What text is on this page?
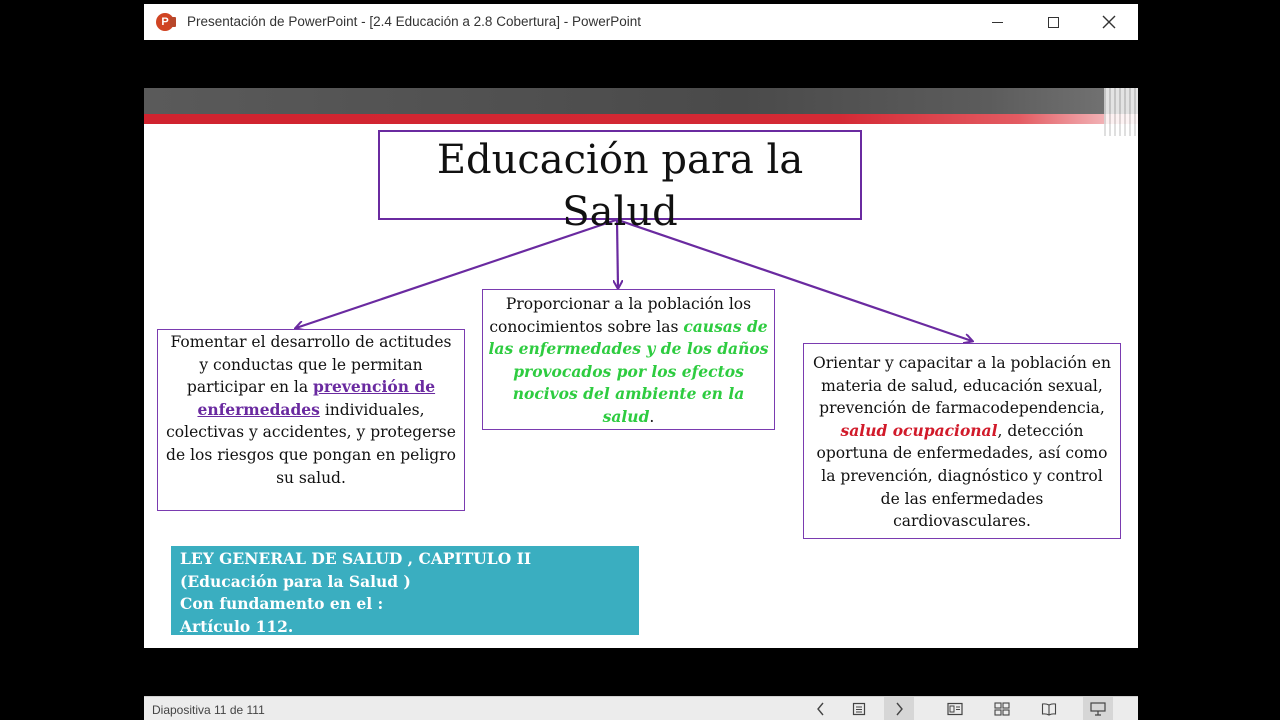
P	Presentación de PowerPoint - [2.4 Educación a 2.8 Cobertura] - PowerPoint
Educación para la
Salud
Fomentar el desarrollo de actitudes y conductas que le permitan participar en la prevención de enfermedades individuales, colectivas y accidentes, y protegerse de los riesgos que pongan en peligro su salud.
Proporcionar a la población los conocimientos sobre las causas de las enfermedades y de los daños provocados por los efectos nocivos del ambiente en la salud.
Orientar y capacitar a la población en materia de salud, educación sexual, prevención de farmacodependencia, salud ocupacional, detección oportuna de enfermedades, así como la prevención, diagnóstico y control de las enfermedades cardiovasculares.
LEY GENERAL DE SALUD , CAPITULO II
(Educación para la Salud )
Con fundamento en el :
Artículo 112.
Diapositiva 11 de 111
